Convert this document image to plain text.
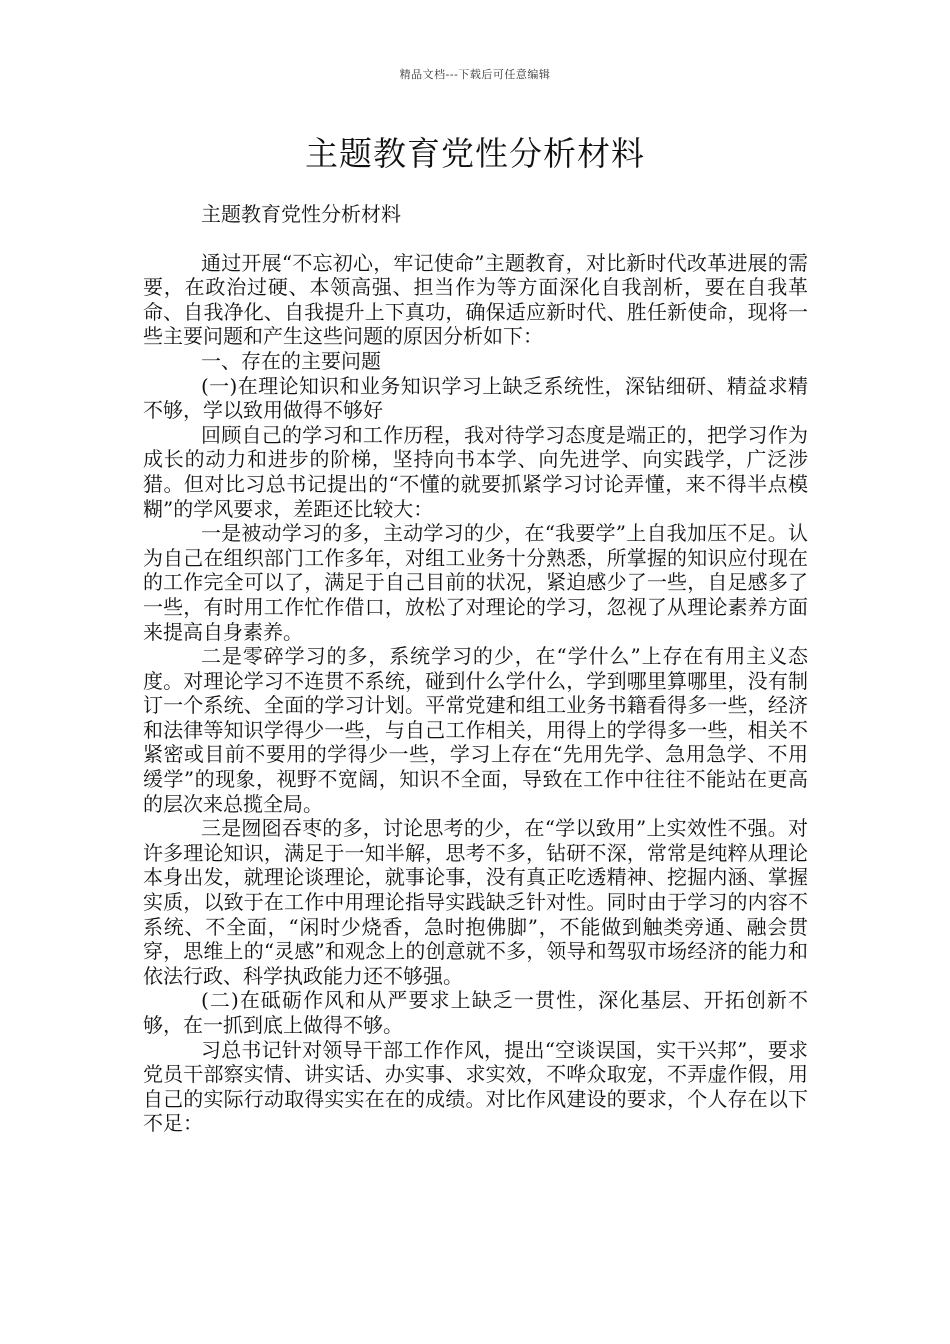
精品文档---下载后可任意编辑
主题教育党性分析材料

主题教育党性分析材料

通过开展“不忘初心，牢记使命”主题教育，对比新时代改革进展的需要，在政治过硬、本领高强、担当作为等方面深化自我剖析，要在自我革命、自我净化、自我提升上下真功，确保适应新时代、胜任新使命，现将一些主要问题和产生这些问题的原因分析如下：

一、存在的主要问题

(一)在理论知识和业务知识学习上缺乏系统性，深钻细研、精益求精不够，学以致用做得不够好

回顾自己的学习和工作历程，我对待学习态度是端正的，把学习作为成长的动力和进步的阶梯，坚持向书本学、向先进学、向实践学，广泛涉猎。但对比习总书记提出的“不懂的就要抓紧学习讨论弄懂，来不得半点模糊”的学风要求，差距还比较大：

一是被动学习的多，主动学习的少，在“我要学”上自我加压不足。认为自己在组织部门工作多年，对组工业务十分熟悉，所掌握的知识应付现在的工作完全可以了，满足于自己目前的状况，紧迫感少了一些，自足感多了一些，有时用工作忙作借口，放松了对理论的学习，忽视了从理论素养方面来提高自身素养。

二是零碎学习的多，系统学习的少，在“学什么”上存在有用主义态度。对理论学习不连贯不系统，碰到什么学什么，学到哪里算哪里，没有制订一个系统、全面的学习计划。平常党建和组工业务书籍看得多一些，经济和法律等知识学得少一些，与自己工作相关，用得上的学得多一些，相关不紧密或目前不要用的学得少一些，学习上存在“先用先学、急用急学、不用缓学”的现象，视野不宽阔，知识不全面，导致在工作中往往不能站在更高的层次来总揽全局。

三是囫囵吞枣的多，讨论思考的少，在“学以致用”上实效性不强。对许多理论知识，满足于一知半解，思考不多，钻研不深，常常是纯粹从理论本身出发，就理论谈理论，就事论事，没有真正吃透精神、挖掘内涵、掌握实质，以致于在工作中用理论指导实践缺乏针对性。同时由于学习的内容不系统、不全面，“闲时少烧香，急时抱佛脚”，不能做到触类旁通、融会贯穿，思维上的“灵感”和观念上的创意就不多，领导和驾驭市场经济的能力和依法行政、科学执政能力还不够强。

(二)在砥砺作风和从严要求上缺乏一贯性，深化基层、开拓创新不够，在一抓到底上做得不够。

习总书记针对领导干部工作作风，提出“空谈误国，实干兴邦”，要求党员干部察实情、讲实话、办实事、求实效，不哗众取宠，不弄虚作假，用自己的实际行动取得实实在在的成绩。对比作风建设的要求，个人存在以下不足：
